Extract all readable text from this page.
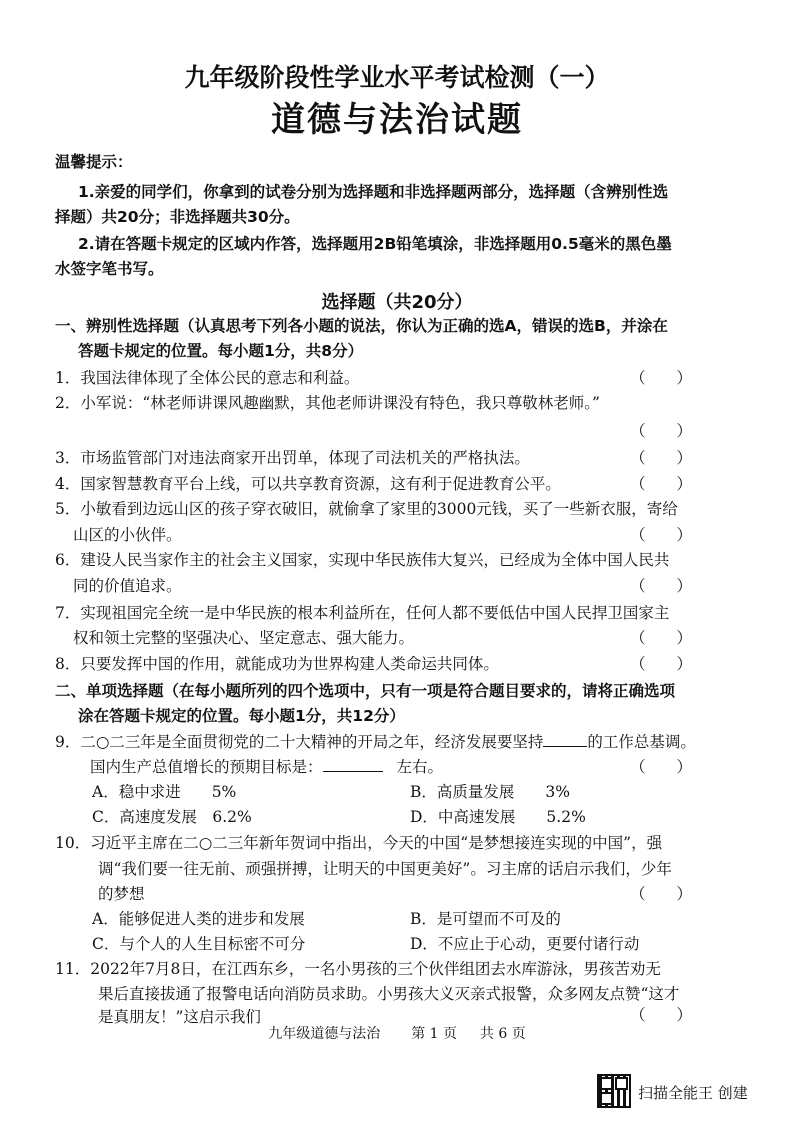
九年级阶段性学业水平考试检测（一）
道德与法治试题
温馨提示：
1.亲爱的同学们，你拿到的试卷分别为选择题和非选择题两部分，选择题（含辨别性选
择题）共20分；非选择题共30分。
2.请在答题卡规定的区域内作答，选择题用2B铅笔填涂，非选择题用0.5毫米的黑色墨
水签字笔书写。
选择题（共20分）
一、辨别性选择题（认真思考下列各小题的说法，你认为正确的选A，错误的选B，并涂在
答题卡规定的位置。每小题1分，共8分）
1．我国法律体现了全体公民的意志和利益。	（　　）
2．小军说：“林老师讲课风趣幽默，其他老师讲课没有特色，我只尊敬林老师。”
（　　）
3．市场监管部门对违法商家开出罚单，体现了司法机关的严格执法。	（　　）
4．国家智慧教育平台上线，可以共享教育资源，这有利于促进教育公平。	（　　）
5．小敏看到边远山区的孩子穿衣破旧，就偷拿了家里的3000元钱，买了一些新衣服，寄给
山区的小伙伴。	（　　）
6．建设人民当家作主的社会主义国家，实现中华民族伟大复兴，已经成为全体中国人民共
同的价值追求。	（　　）
7．实现祖国完全统一是中华民族的根本利益所在，任何人都不要低估中国人民捍卫国家主
权和领土完整的坚强决心、坚定意志、强大能力。	（　　）
8．只要发挥中国的作用，就能成功为世界构建人类命运共同体。	（　　）
二、单项选择题（在每小题所列的四个选项中，只有一项是符合题目要求的，请将正确选项
涂在答题卡规定的位置。每小题1分，共12分）
9．二○二三年是全面贯彻党的二十大精神的开局之年，经济发展要坚持	的工作总基调。
国内生产总值增长的预期目标是：	左右。	（　　）
A．稳中求进　　5%	B．高质量发展　　3%
C．高速度发展　6.2%	D．中高速发展　　5.2%
10．习近平主席在二○二三年新年贺词中指出，今天的中国“是梦想接连实现的中国”，强
调“我们要一往无前、顽强拼搏，让明天的中国更美好”。习主席的话启示我们，少年
的梦想	（　　）
A．能够促进人类的进步和发展	B．是可望而不可及的
C．与个人的人生目标密不可分	D．不应止于心动，更要付诸行动
11．2022年7月8日，在江西东乡，一名小男孩的三个伙伴组团去水库游泳，男孩苦劝无
果后直接拔通了报警电话向消防员求助。小男孩大义灭亲式报警，众多网友点赞“这才
是真朋友！”这启示我们	（　　）
九年级道德与法治 第 1 页 共 6 页
扫描全能王 创建
